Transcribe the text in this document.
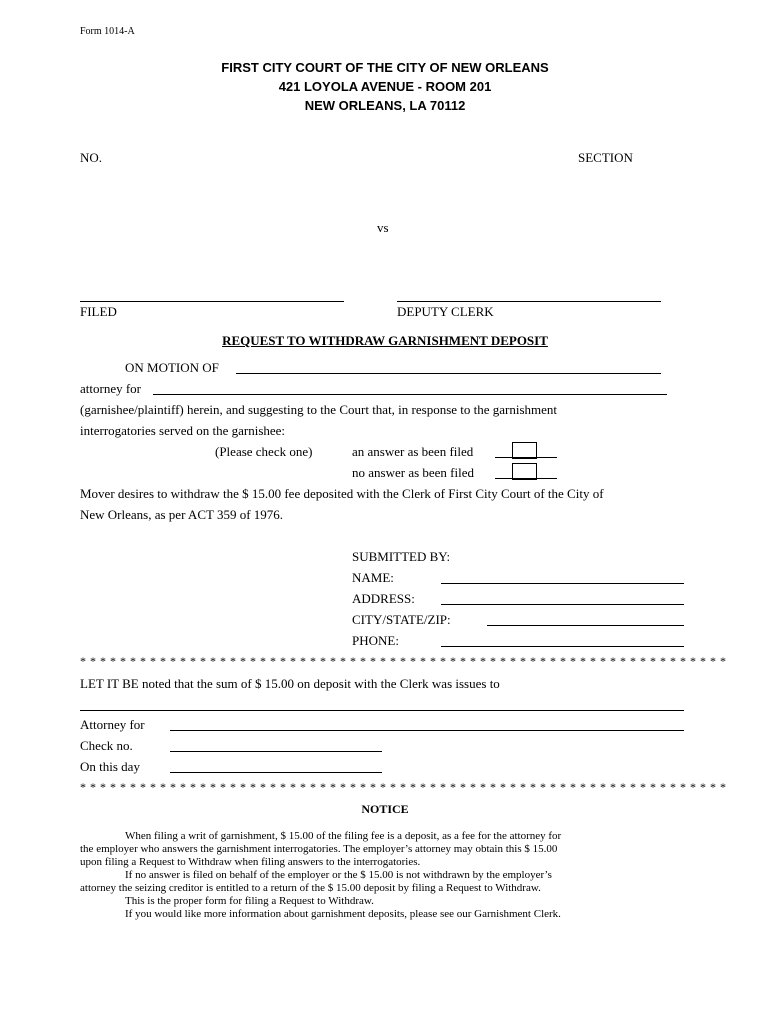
Form 1014-A
FIRST CITY COURT OF THE CITY OF NEW ORLEANS
421 LOYOLA AVENUE - ROOM 201
NEW ORLEANS, LA 70112
NO.	SECTION
vs
FILED	DEPUTY CLERK
REQUEST TO WITHDRAW GARNISHMENT DEPOSIT
ON MOTION OF
attorney for
(garnishee/plaintiff) herein, and suggesting to the Court that, in response to the garnishment
interrogatories served on the garnishee:
(Please check one)	an answer as been filed
no answer as been filed
Mover desires to withdraw the $ 15.00 fee deposited with the Clerk of First City Court of the City of
New Orleans, as per ACT 359 of 1976.
SUBMITTED BY:
NAME:
ADDRESS:
CITY/STATE/ZIP:
PHONE:
* * * * * * * * * * * * * * * * * * * * * * * * * * * * * * * * * * * * * * * * * * * * * * * * * * * * * * * * * * * * * * * * *
LET IT BE noted that the sum of $ 15.00 on deposit with the Clerk was issues to
Attorney for
Check no.
On this day
* * * * * * * * * * * * * * * * * * * * * * * * * * * * * * * * * * * * * * * * * * * * * * * * * * * * * * * * * * * * * * * * *
NOTICE
When filing a writ of garnishment, $ 15.00 of the filing fee is a deposit, as a fee for the attorney for
the employer who answers the garnishment interrogatories. The employer’s attorney may obtain this $ 15.00
upon filing a Request to Withdraw when filing answers to the interrogatories.
If no answer is filed on behalf of the employer or the $ 15.00 is not withdrawn by the employer’s
attorney the seizing creditor is entitled to a return of the $ 15.00 deposit by filing a Request to Withdraw.
This is the proper form for filing a Request to Withdraw.
If you would like more information about garnishment deposits, please see our Garnishment Clerk.
